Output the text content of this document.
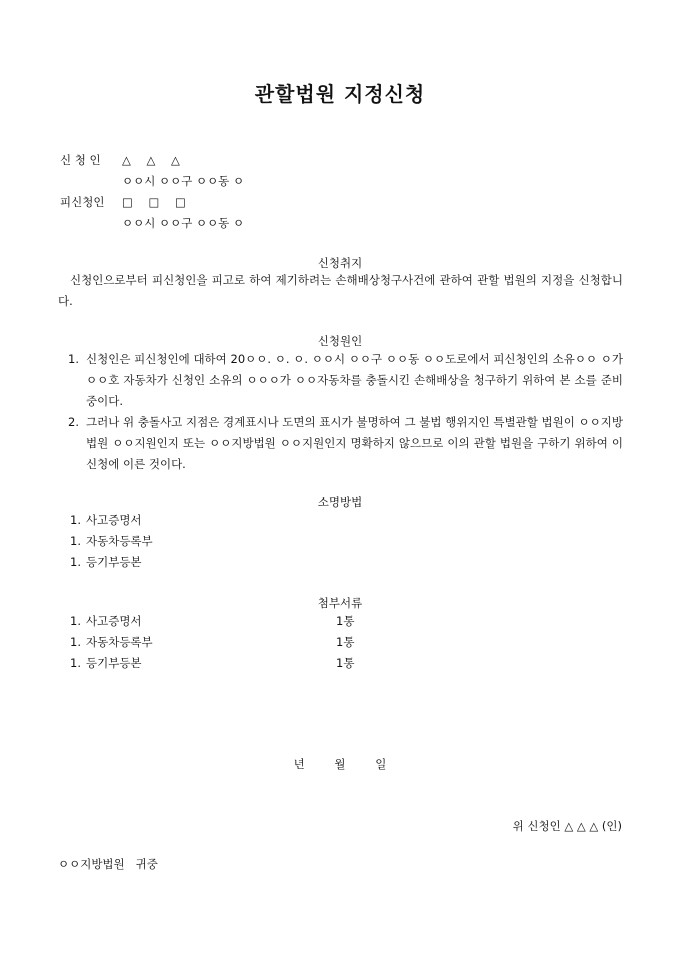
관할법원 지정신청
신 청 인 △ △ △
ㅇㅇ시 ㅇㅇ구 ㅇㅇ동 ㅇ
피신청인 □ □ □
ㅇㅇ시 ㅇㅇ구 ㅇㅇ동 ㅇ
신청취지
신청인으로부터 피신청인을 피고로 하여 제기하려는 손해배상청구사건에 관하여 관할 법원의 지정을 신청합니다.
신청원인
1. 신청인은 피신청인에 대하여 20ㅇㅇ. ㅇ. ㅇ. ㅇㅇ시 ㅇㅇ구 ㅇㅇ동 ㅇㅇ도로에서 피신청인의 소유ㅇㅇ ㅇ가 ㅇㅇ호 자동차가 신청인 소유의 ㅇㅇㅇ가 ㅇㅇ자동차를 충돌시킨 손해배상을 청구하기 위하여 본 소를 준비중이다.
2. 그러나 위 충돌사고 지점은 경계표시나 도면의 표시가 불명하여 그 불법 행위지인 특별관할 법원이 ㅇㅇ지방법원 ㅇㅇ지원인지 또는 ㅇㅇ지방법원 ㅇㅇ지원인지 명확하지 않으므로 이의 관할 법원을 구하기 위하여 이 신청에 이른 것이다.
소명방법
1. 사고증명서
1. 자동차등록부
1. 등기부등본
첨부서류
1. 사고증명서	1통
1. 자동차등록부	1통
1. 등기부등본	1통
년 월 일
위 신청인 △ △ △ (인)
ㅇㅇ지방법원   귀중
